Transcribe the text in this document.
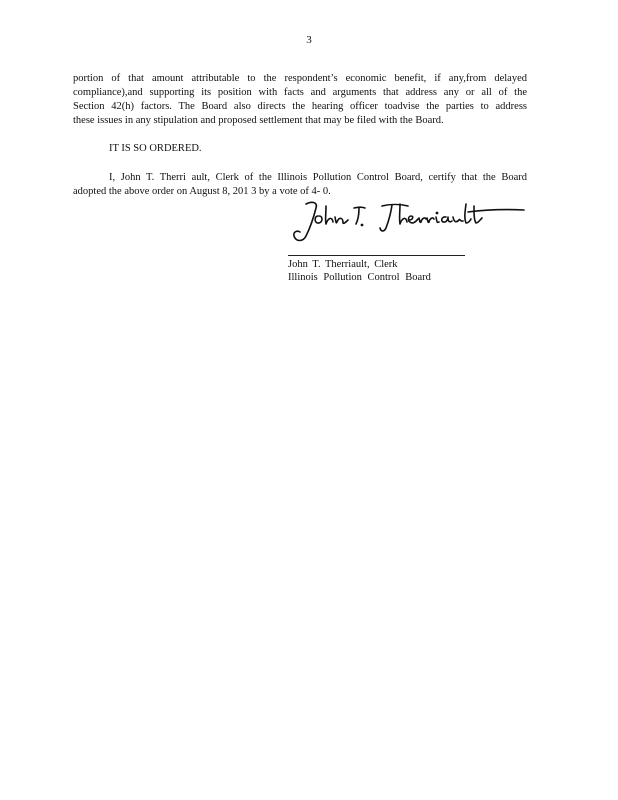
3

portion of that amount attributable to the respondent’s economic benefit, if any,from delayed
compliance),and supporting its position with facts and arguments that address any or all of the
Section 42(h) factors. The Board also directs the hearing officer toadvise the parties to address
these issues in any stipulation and proposed settlement that may be filed with the Board.

IT IS SO ORDERED.

I, John T. Therri ault, Clerk of the Illinois Pollution Control Board, certify that the Board
adopted the above order on August 8, 201 3 by a vote of 4- 0.

John T. Therriault, Clerk
Illinois Pollution Control Board
